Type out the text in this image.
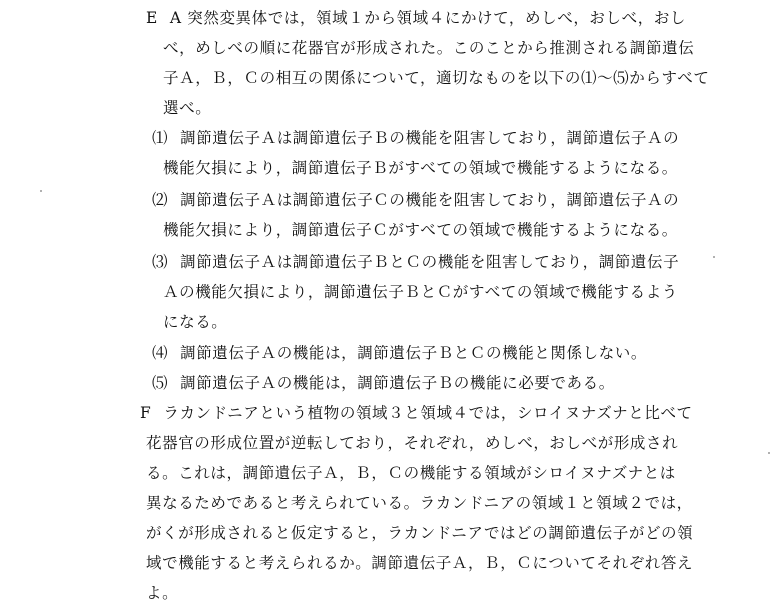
E A 突然変異体では，領域１から領域４にかけて，めしべ，おしべ，おし
べ，めしべの順に花器官が形成された。このことから推測される調節遺伝
子Ａ，Ｂ，Ｃの相互の関係について，適切なものを以下の⑴～⑸からすべて
選べ。
⑴ 調節遺伝子Ａは調節遺伝子Ｂの機能を阻害しており，調節遺伝子Ａの
機能欠損により，調節遺伝子Ｂがすべての領域で機能するようになる。
⑵ 調節遺伝子Ａは調節遺伝子Ｃの機能を阻害しており，調節遺伝子Ａの
機能欠損により，調節遺伝子Ｃがすべての領域で機能するようになる。
⑶ 調節遺伝子Ａは調節遺伝子ＢとＣの機能を阻害しており，調節遺伝子
Ａの機能欠損により，調節遺伝子ＢとＣがすべての領域で機能するよう
になる。
⑷ 調節遺伝子Ａの機能は，調節遺伝子ＢとＣの機能と関係しない。
⑸ 調節遺伝子Ａの機能は，調節遺伝子Ｂの機能に必要である。
F ラカンドニアという植物の領域３と領域４では，シロイヌナズナと比べて
花器官の形成位置が逆転しており，それぞれ，めしべ，おしべが形成され
る。これは，調節遺伝子Ａ，Ｂ，Ｃの機能する領域がシロイヌナズナとは
異なるためであると考えられている。ラカンドニアの領域１と領域２では，
がくが形成されると仮定すると，ラカンドニアではどの調節遺伝子がどの領
域で機能すると考えられるか。調節遺伝子Ａ，Ｂ，Ｃについてそれぞれ答え
よ。
